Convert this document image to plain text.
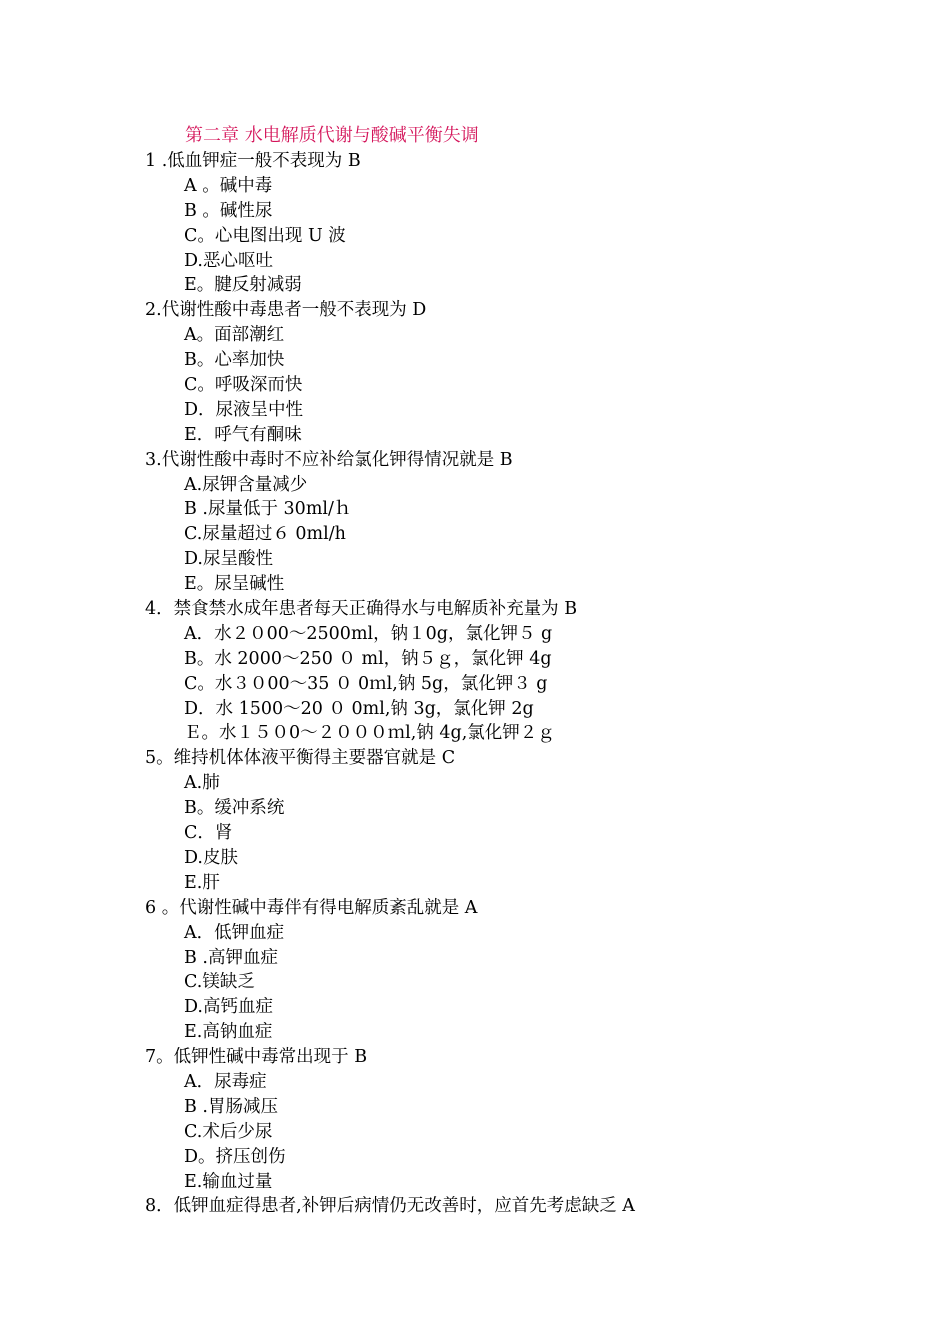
第二章 水电解质代谢与酸碱平衡失调
1 .低血钾症一般不表现为 B
A 。碱中毒
B 。碱性尿
C。心电图出现 U 波
D.恶心呕吐
E。腱反射减弱
2.代谢性酸中毒患者一般不表现为 D
A。面部潮红
B。心率加快
C。呼吸深而快
D．尿液呈中性
E．呼气有酮味
3.代谢性酸中毒时不应补给氯化钾得情况就是 B
A.尿钾含量减少
B .尿量低于 30ml/ｈ
C.尿量超过６ 0ml/h
D.尿呈酸性
E。尿呈碱性
4．禁食禁水成年患者每天正确得水与电解质补充量为 B
A．水２０00～2500ml，钠１0g，氯化钾５ g
B。水 2000～250 ０ ml，钠５ｇ，氯化钾 4g
C。水３０00～35 ０ 0ｍl,钠 5g，氯化钾３ g
D．水 1500～20 ０ 0ml,钠 3g，氯化钾 2g
Ｅ。水１５０0～２０００ｍl,钠 4g,氯化钾２ｇ
5。维持机体体液平衡得主要器官就是 C
A.肺
B。缓冲系统
C．肾
D.皮肤
E.肝
6 。代谢性碱中毒伴有得电解质紊乱就是 A
A．低钾血症
B .高钾血症
C.镁缺乏
D.高钙血症
E.高钠血症
7。低钾性碱中毒常出现于 B
A．尿毒症
B .胃肠减压
C.术后少尿
D。挤压创伤
E.输血过量
8．低钾血症得患者,补钾后病情仍无改善时，应首先考虑缺乏 A
